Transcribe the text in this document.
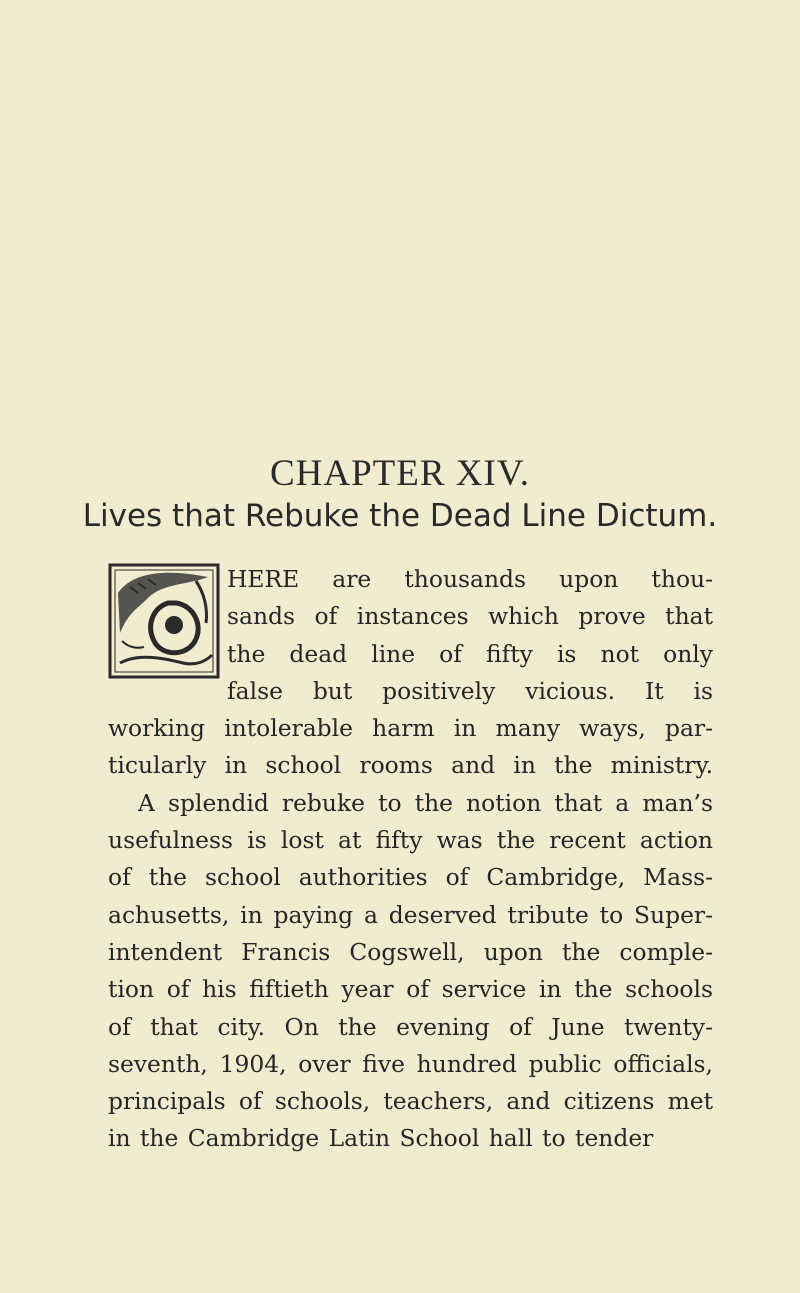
CHAPTER XIV.
Lives that Rebuke the Dead Line Dictum.
HERE are thousands upon thou-
sands of instances which prove that
the dead line of fifty is not only
false but positively vicious. It is
working intolerable harm in many ways, par-
ticularly in school rooms and in the ministry.
A splendid rebuke to the notion that a man’s
usefulness is lost at fifty was the recent action
of the school authorities of Cambridge, Mass-
achusetts, in paying a deserved tribute to Super-
intendent Francis Cogswell, upon the comple-
tion of his fiftieth year of service in the schools
of that city. On the evening of June twenty-
seventh, 1904, over five hundred public officials,
principals of schools, teachers, and citizens met
in the Cambridge Latin School hall to tender
